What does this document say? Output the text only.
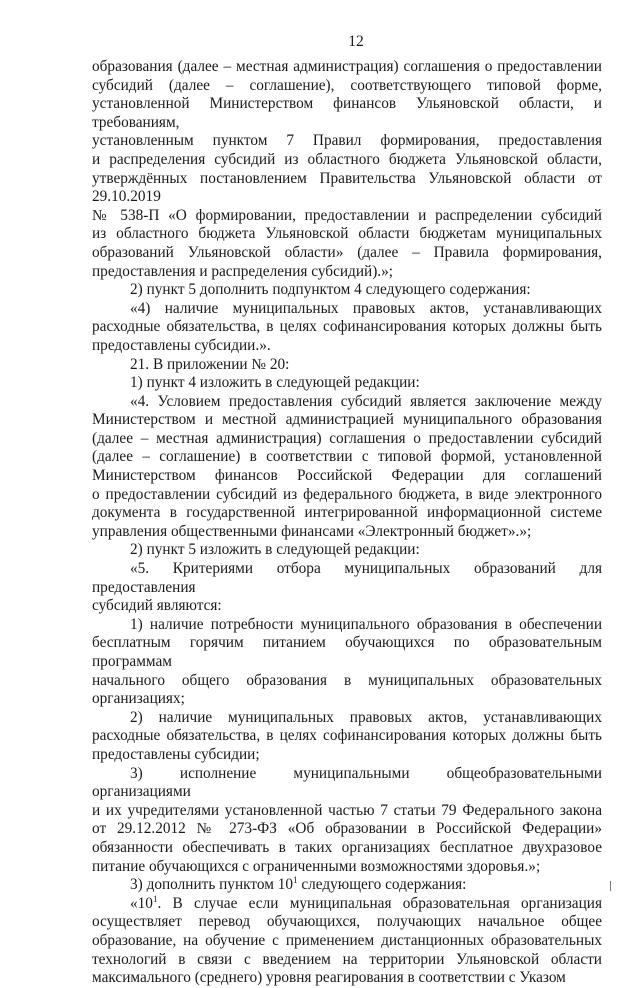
12

образования (далее – местная администрация) соглашения о предоставлении

субсидий (далее – соглашение), соответствующего типовой форме,

установленной Министерством финансов Ульяновской области, и требованиям,

установленным пунктом 7 Правил формирования, предоставления

и распределения субсидий из областного бюджета Ульяновской области,

утверждённых постановлением Правительства Ульяновской области от 29.10.2019

№ 538-П «О формировании, предоставлении и распределении субсидий

из областного бюджета Ульяновской области бюджетам муниципальных

образований Ульяновской области» (далее – Правила формирования,

предоставления и распределения субсидий).»;

2) пункт 5 дополнить подпунктом 4 следующего содержания:

«4) наличие муниципальных правовых актов, устанавливающих

расходные обязательства, в целях софинансирования которых должны быть

предоставлены субсидии.».

21. В приложении № 20:

1) пункт 4 изложить в следующей редакции:

«4. Условием предоставления субсидий является заключение между

Министерством и местной администрацией муниципального образования

(далее – местная администрация) соглашения о предоставлении субсидий

(далее – соглашение) в соответствии с типовой формой, установленной

Министерством финансов Российской Федерации для соглашений

о предоставлении субсидий из федерального бюджета, в виде электронного

документа в государственной интегрированной информационной системе

управления общественными финансами «Электронный бюджет».»;

2) пункт 5 изложить в следующей редакции:

«5. Критериями отбора муниципальных образований для предоставления

субсидий являются:

1) наличие потребности муниципального образования в обеспечении

бесплатным горячим питанием обучающихся по образовательным программам

начального общего образования в муниципальных образовательных

организациях;

2) наличие муниципальных правовых актов, устанавливающих

расходные обязательства, в целях софинансирования которых должны быть

предоставлены субсидии;

3) исполнение муниципальными общеобразовательными организациями

и их учредителями установленной частью 7 статьи 79 Федерального закона

от 29.12.2012 № 273-ФЗ «Об образовании в Российской Федерации»

обязанности обеспечивать в таких организациях бесплатное двухразовое

питание обучающихся с ограниченными возможностями здоровья.»;

3) дополнить пунктом $10^1$ следующего содержания:

«$10^1$. В случае если муниципальная образовательная организация

осуществляет перевод обучающихся, получающих начальное общее

образование, на обучение с применением дистанционных образовательных

технологий в связи с введением на территории Ульяновской области

максимального (среднего) уровня реагирования в соответствии с Указом
